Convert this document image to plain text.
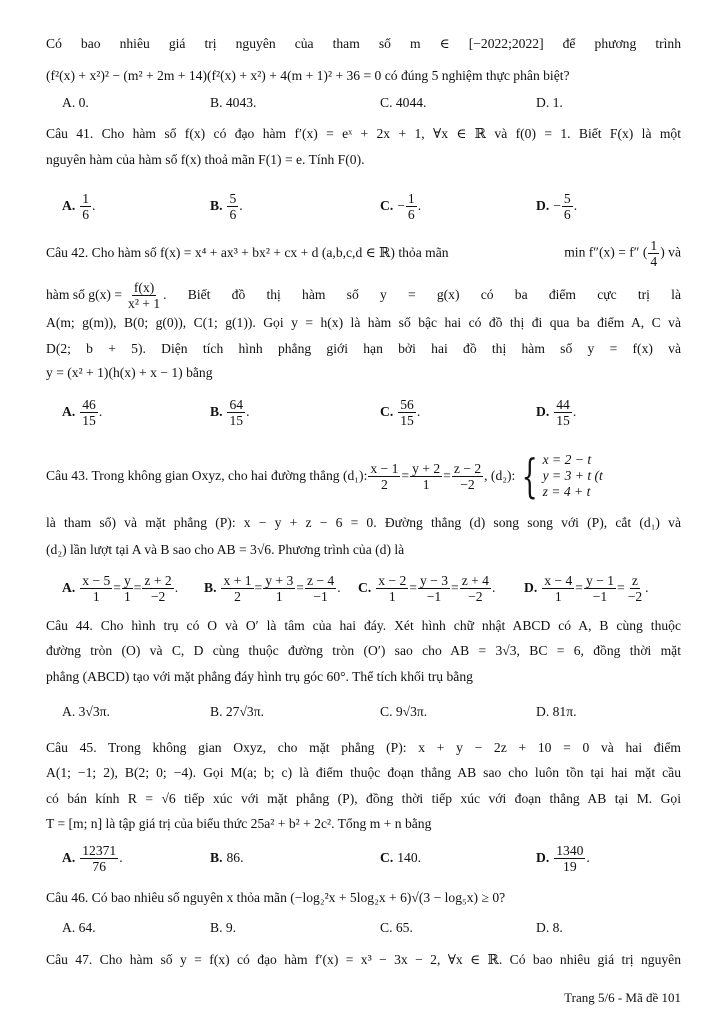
Có bao nhiêu giá trị nguyên của tham số m ∈ [−2022;2022] để phương trình
(f²(x) + x²)² − (m² + 2m + 14)(f²(x) + x²) + 4(m + 1)² + 36 = 0 có đúng 5 nghiệm thực phân biệt?
A. 0.	B. 4043.	C. 4044.	D. 1.
Câu 41. Cho hàm số f(x) có đạo hàm f′(x) = eˣ + 2x + 1, ∀x ∈ ℝ và f(0) = 1. Biết F(x) là một
nguyên hàm của hàm số f(x) thoả mãn F(1) = e. Tính F(0).
A. $\frac{1}{6}$ .	B. $\frac{5}{6}$ .	C. − $\frac{1}{6}$ .	D. − $\frac{5}{6}$ .
Câu 42. Cho hàm số f(x) = x⁴ + ax³ + bx² + cx + d (a,b,c,d ∈ ℝ) thỏa mãn	min f″(x) = f″ ( $\frac{1}{4}$ ) và
hàm số $g(x) = \frac{f(x)}{\text{x² + 1}}$ . Biết đồ thị hàm số y = g(x) có ba điểm cực trị là
A(m; g(m)), B(0; g(0)), C(1; g(1)). Gọi y = h(x) là hàm số bậc hai có đồ thị đi qua ba điểm A, C và
D(2; b + 5). Diện tích hình phẳng giới hạn bởi hai đồ thị hàm số y = f(x) và
y = (x² + 1)(h(x) + x − 1) bằng
A. $\frac{46}{15}$ .	B. $\frac{64}{15}$ .	C. $\frac{56}{15}$ .	D. $\frac{44}{15}$ .
Câu 43. Trong không gian Oxyz, cho hai đường thẳng (d₁): $\frac{x - 1}{2} = \frac{y + 2}{1} = \frac{z - 2}{-2}$ , (d₂): { x = 2 − t
y = 3 + t (t
z = 4 + t
là tham số) và mặt phẳng (P): x − y + z − 6 = 0. Đường thẳng (d) song song với (P), cắt (d₁) và
(d₂) lần lượt tại A và B sao cho AB = 3√6. Phương trình của (d) là
A. $\frac{x - 5}{1} = \frac{y}{1} = \frac{z + 2}{-2}$ . B. $\frac{x + 1}{2} = \frac{y + 3}{1} = \frac{z - 4}{-1}$ . C. $\frac{x - 2}{1} = \frac{y - 3}{-1} = \frac{z + 4}{-2}$ . D. $\frac{x - 4}{1} = \frac{y - 1}{-1} = \frac{z}{-2}$ .
Câu 44. Cho hình trụ có O và O′ là tâm của hai đáy. Xét hình chữ nhật ABCD có A, B cùng thuộc
đường tròn (O) và C, D cùng thuộc đường tròn (O′) sao cho AB = 3√3, BC = 6, đồng thời mặt
phẳng (ABCD) tạo với mặt phẳng đáy hình trụ góc 60°. Thể tích khối trụ bằng
A. 3√3π.	B. 27√3π.	C. 9√3π.	D. 81π.
Câu 45. Trong không gian Oxyz, cho mặt phẳng (P): x + y − 2z + 10 = 0 và hai điểm
A(1; −1; 2), B(2; 0; −4). Gọi M(a; b; c) là điểm thuộc đoạn thẳng AB sao cho luôn tồn tại hai mặt cầu
có bán kính R = √6 tiếp xúc với mặt phẳng (P), đồng thời tiếp xúc với đoạn thẳng AB tại M. Gọi
T = [m; n] là tập giá trị của biểu thức 25a² + b² + 2c². Tổng m + n bằng
A. $\frac{12371}{76}$ .	B. 86.	C. 140.	D. $\frac{1340}{19}$ .
Câu 46. Có bao nhiêu số nguyên x thỏa mãn (−log₂²x + 5log₂x + 6)√(3 − log₅x) ≥ 0?
A. 64.	B. 9.	C. 65.	D. 8.
Câu 47. Cho hàm số y = f(x) có đạo hàm f′(x) = x³ − 3x − 2, ∀x ∈ ℝ. Có bao nhiêu giá trị nguyên
Trang 5/6 - Mã đề 101
